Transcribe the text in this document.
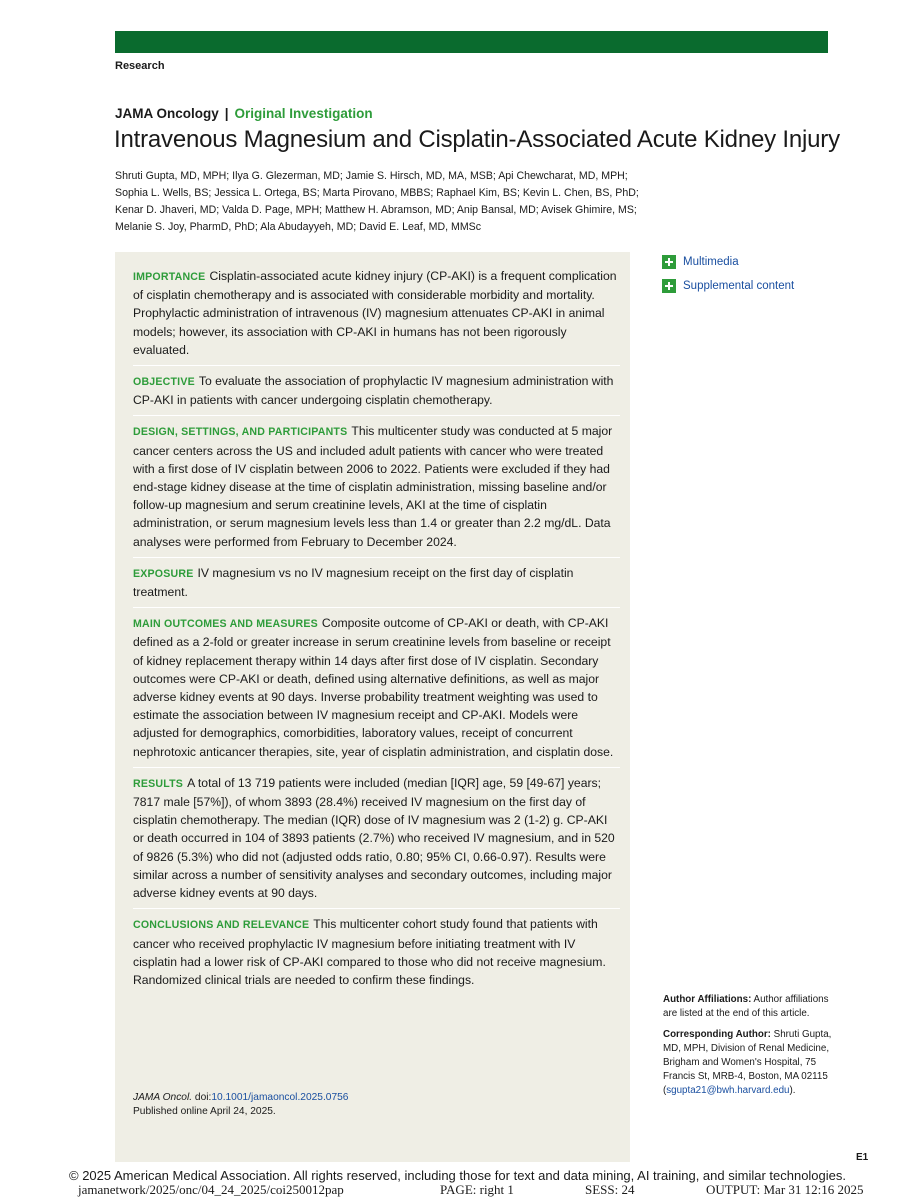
Research
JAMA Oncology | Original Investigation
Intravenous Magnesium and Cisplatin-Associated Acute Kidney Injury

Shruti Gupta, MD, MPH; Ilya G. Glezerman, MD; Jamie S. Hirsch, MD, MA, MSB; Api Chewcharat, MD, MPH; Sophia L. Wells, BS; Jessica L. Ortega, BS; Marta Pirovano, MBBS; Raphael Kim, BS; Kevin L. Chen, BS, PhD; Kenar D. Jhaveri, MD; Valda D. Page, MPH; Matthew H. Abramson, MD; Anip Bansal, MD; Avisek Ghimire, MS; Melanie S. Joy, PharmD, PhD; Ala Abudayyeh, MD; David E. Leaf, MD, MMSc

IMPORTANCE Cisplatin-associated acute kidney injury (CP-AKI) is a frequent complication of cisplatin chemotherapy and is associated with considerable morbidity and mortality. Prophylactic administration of intravenous (IV) magnesium attenuates CP-AKI in animal models; however, its association with CP-AKI in humans has not been rigorously evaluated.

OBJECTIVE To evaluate the association of prophylactic IV magnesium administration with CP-AKI in patients with cancer undergoing cisplatin chemotherapy.

DESIGN, SETTINGS, AND PARTICIPANTS This multicenter study was conducted at 5 major cancer centers across the US and included adult patients with cancer who were treated with a first dose of IV cisplatin between 2006 to 2022. Patients were excluded if they had end-stage kidney disease at the time of cisplatin administration, missing baseline and/or follow-up magnesium and serum creatinine levels, AKI at the time of cisplatin administration, or serum magnesium levels less than 1.4 or greater than 2.2 mg/dL. Data analyses were performed from February to December 2024.

EXPOSURE IV magnesium vs no IV magnesium receipt on the first day of cisplatin treatment.

MAIN OUTCOMES AND MEASURES Composite outcome of CP-AKI or death, with CP-AKI defined as a 2-fold or greater increase in serum creatinine levels from baseline or receipt of kidney replacement therapy within 14 days after first dose of IV cisplatin. Secondary outcomes were CP-AKI or death, defined using alternative definitions, as well as major adverse kidney events at 90 days. Inverse probability treatment weighting was used to estimate the association between IV magnesium receipt and CP-AKI. Models were adjusted for demographics, comorbidities, laboratory values, receipt of concurrent nephrotoxic anticancer therapies, site, year of cisplatin administration, and cisplatin dose.

RESULTS A total of 13 719 patients were included (median [IQR] age, 59 [49-67] years; 7817 male [57%]), of whom 3893 (28.4%) received IV magnesium on the first day of cisplatin chemotherapy. The median (IQR) dose of IV magnesium was 2 (1-2) g. CP-AKI or death occurred in 104 of 3893 patients (2.7%) who received IV magnesium, and in 520 of 9826 (5.3%) who did not (adjusted odds ratio, 0.80; 95% CI, 0.66-0.97). Results were similar across a number of sensitivity analyses and secondary outcomes, including major adverse kidney events at 90 days.

CONCLUSIONS AND RELEVANCE This multicenter cohort study found that patients with cancer who received prophylactic IV magnesium before initiating treatment with IV cisplatin had a lower risk of CP-AKI compared to those who did not receive magnesium. Randomized clinical trials are needed to confirm these findings.

JAMA Oncol. doi:10.1001/jamaoncol.2025.0756
Published online April 24, 2025.
Multimedia
Supplemental content

Author Affiliations: Author affiliations are listed at the end of this article.

Corresponding Author: Shruti Gupta, MD, MPH, Division of Renal Medicine, Brigham and Women's Hospital, 75 Francis St, MRB-4, Boston, MA 02115 (sgupta21@bwh.harvard.edu).

E1
© 2025 American Medical Association. All rights reserved, including those for text and data mining, AI training, and similar technologies.
jamanetwork/2025/onc/04_24_2025/coi250012pap	PAGE: right 1	SESS: 24	OUTPUT: Mar 31 12:16 2025
